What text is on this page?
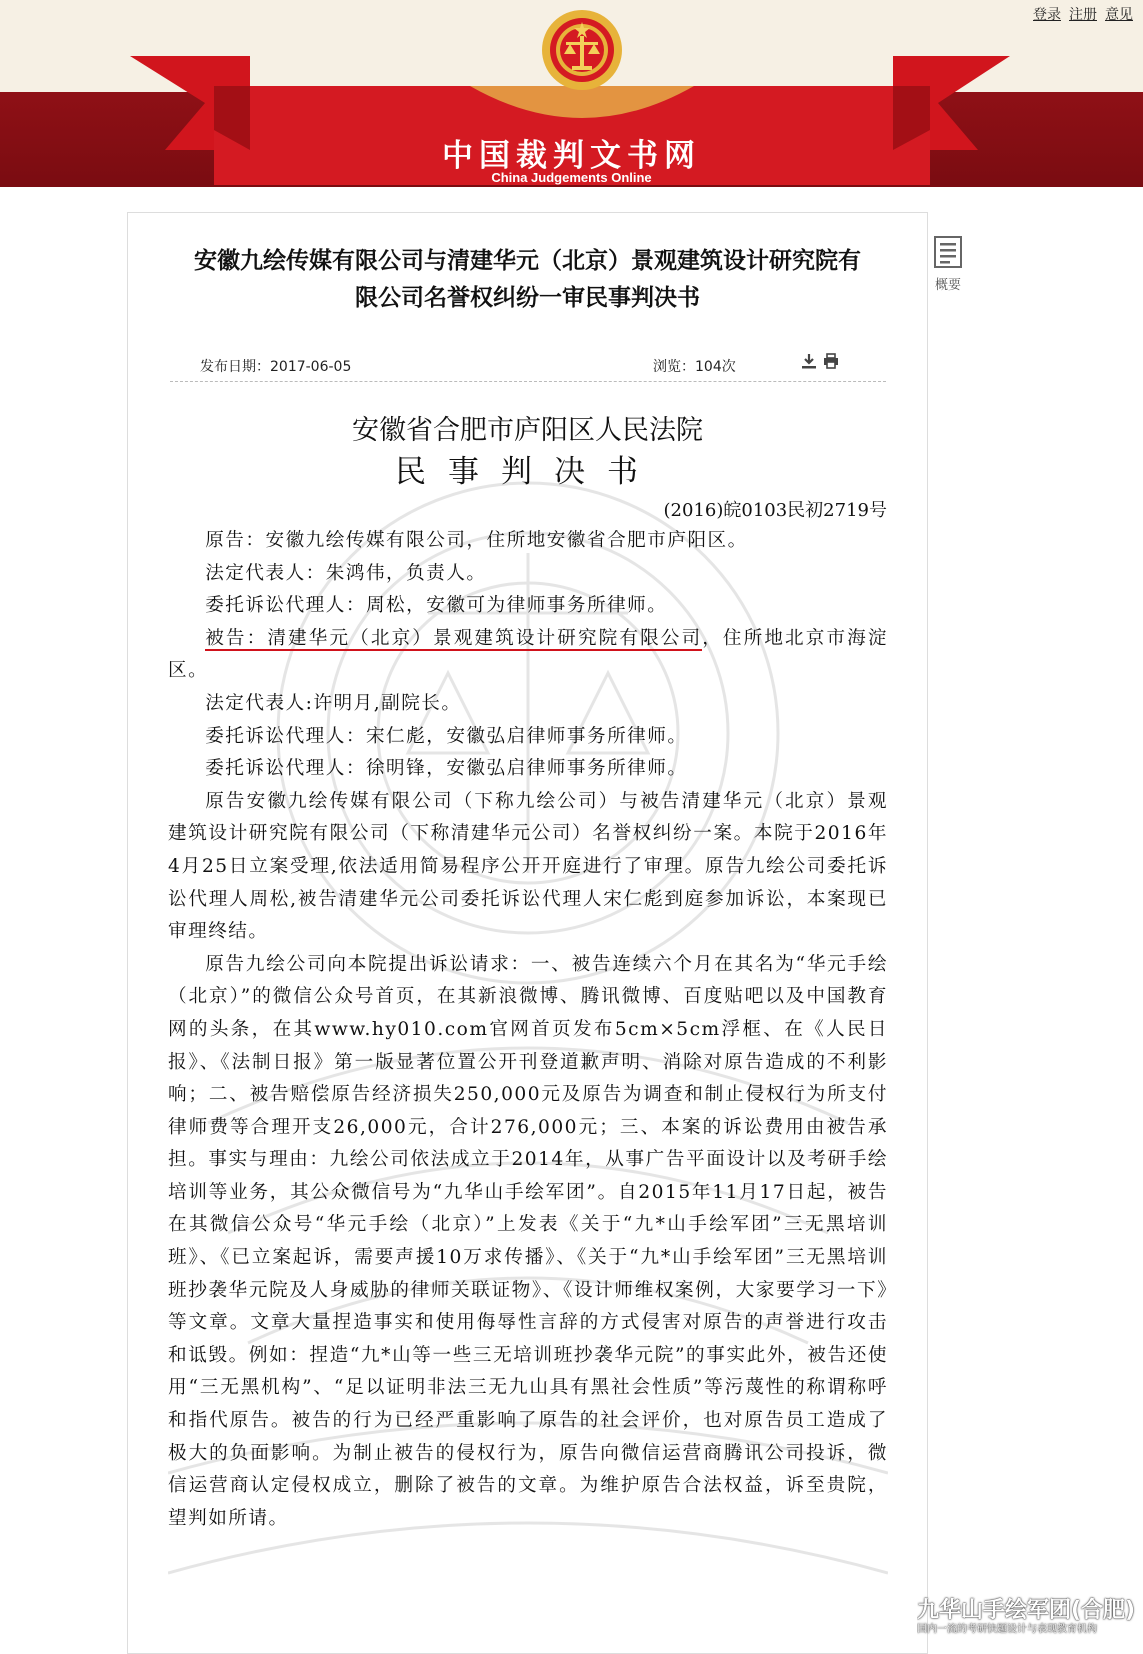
登录 注册 意见
中国裁判文书网
China Judgements Online
概要
安徽九绘传媒有限公司与清建华元（北京）景观建筑设计研究院有
限公司名誉权纠纷一审民事判决书
发布日期：2017-06-05	浏览：104次

安徽省合肥市庐阳区人民法院
民事判决书
(2016)皖0103民初2719号

原告：安徽九绘传媒有限公司，住所地安徽省合肥市庐阳区。

法定代表人：朱鸿伟，负责人。

委托诉讼代理人：周松，安徽可为律师事务所律师。

被告：清建华元（北京）景观建筑设计研究院有限公司，住所地北京市海淀区。

法定代表人:许明月,副院长。

委托诉讼代理人：宋仁彪，安徽弘启律师事务所律师。

委托诉讼代理人：徐明锋，安徽弘启律师事务所律师。

原告安徽九绘传媒有限公司（下称九绘公司）与被告清建华元（北京）景观建筑设计研究院有限公司（下称清建华元公司）名誉权纠纷一案。本院于2016年4月25日立案受理,依法适用简易程序公开开庭进行了审理。原告九绘公司委托诉讼代理人周松,被告清建华元公司委托诉讼代理人宋仁彪到庭参加诉讼，本案现已审理终结。

原告九绘公司向本院提出诉讼请求：一、被告连续六个月在其名为“华元手绘（北京）”的微信公众号首页，在其新浪微博、腾讯微博、百度贴吧以及中国教育网的头条，在其www.hy010.com官网首页发布5cm×5cm浮框、在《人民日报》、《法制日报》第一版显著位置公开刊登道歉声明、消除对原告造成的不利影响；二、被告赔偿原告经济损失250,000元及原告为调查和制止侵权行为所支付律师费等合理开支26,000元，合计276,000元；三、本案的诉讼费用由被告承担。事实与理由：九绘公司依法成立于2014年，从事广告平面设计以及考研手绘培训等业务，其公众微信号为“九华山手绘军团”。自2015年11月17日起，被告在其微信公众号“华元手绘（北京）”上发表《关于“九*山手绘军团”三无黑培训班》、《已立案起诉，需要声援10万求传播》、《关于“九*山手绘军团”三无黑培训班抄袭华元院及人身威胁的律师关联证物》、《设计师维权案例，大家要学习一下》等文章。文章大量捏造事实和使用侮辱性言辞的方式侵害对原告的声誉进行攻击和诋毁。例如：捏造“九*山等一些三无培训班抄袭华元院”的事实此外，被告还使用“三无黑机构”、“足以证明非法三无九山具有黑社会性质”等污蔑性的称谓称呼和指代原告。被告的行为已经严重影响了原告的社会评价，也对原告员工造成了极大的负面影响。为制止被告的侵权行为，原告向微信运营商腾讯公司投诉，微信运营商认定侵权成立，删除了被告的文章。为维护原告合法权益，诉至贵院，望判如所请。

九华山手绘军团(合肥)
国内一流的考研快题设计与表现教育机构
